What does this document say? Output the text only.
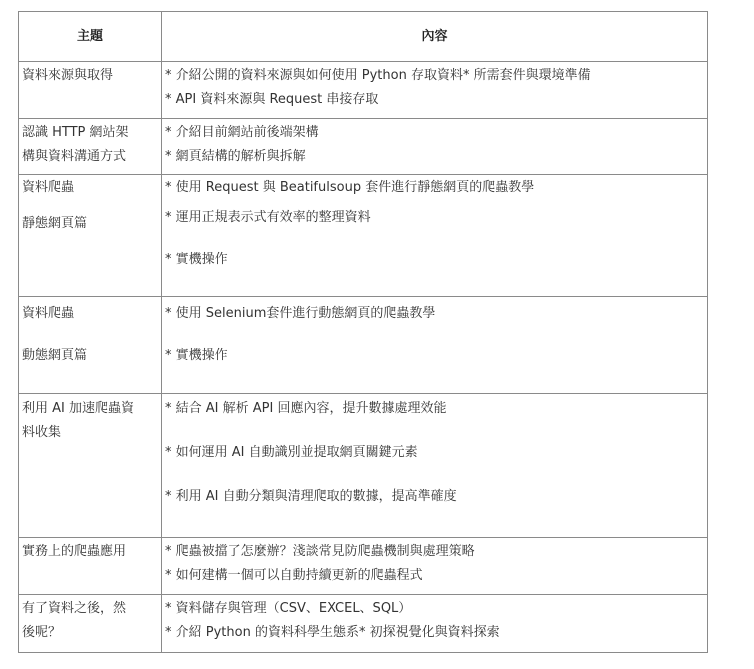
主題	內容

資料來源與取得	* 介紹公開的資料來源與如何使用 Python 存取資料* 所需套件與環境準備
* API 資料來源與 Request 串接存取

認識 HTTP 網站架
構與資料溝通方式	* 介紹目前網站前後端架構
* 網頁結構的解析與拆解

資料爬蟲
靜態網頁篇	* 使用 Request 與 Beatifulsoup 套件進行靜態網頁的爬蟲教學
* 運用正規表示式有效率的整理資料
* 實機操作

資料爬蟲
動態網頁篇	* 使用 Selenium套件進行動態網頁的爬蟲教學
* 實機操作

利用 AI 加速爬蟲資
料收集	* 結合 AI 解析 API 回應內容，提升數據處理效能
* 如何運用 AI 自動識別並提取網頁關鍵元素
* 利用 AI 自動分類與清理爬取的數據，提高準確度

實務上的爬蟲應用	* 爬蟲被擋了怎麼辦？淺談常見防爬蟲機制與處理策略
* 如何建構一個可以自動持續更新的爬蟲程式

有了資料之後，然
後呢？	* 資料儲存與管理（CSV、EXCEL、SQL）
* 介紹 Python 的資料科學生態系* 初探視覺化與資料探索
